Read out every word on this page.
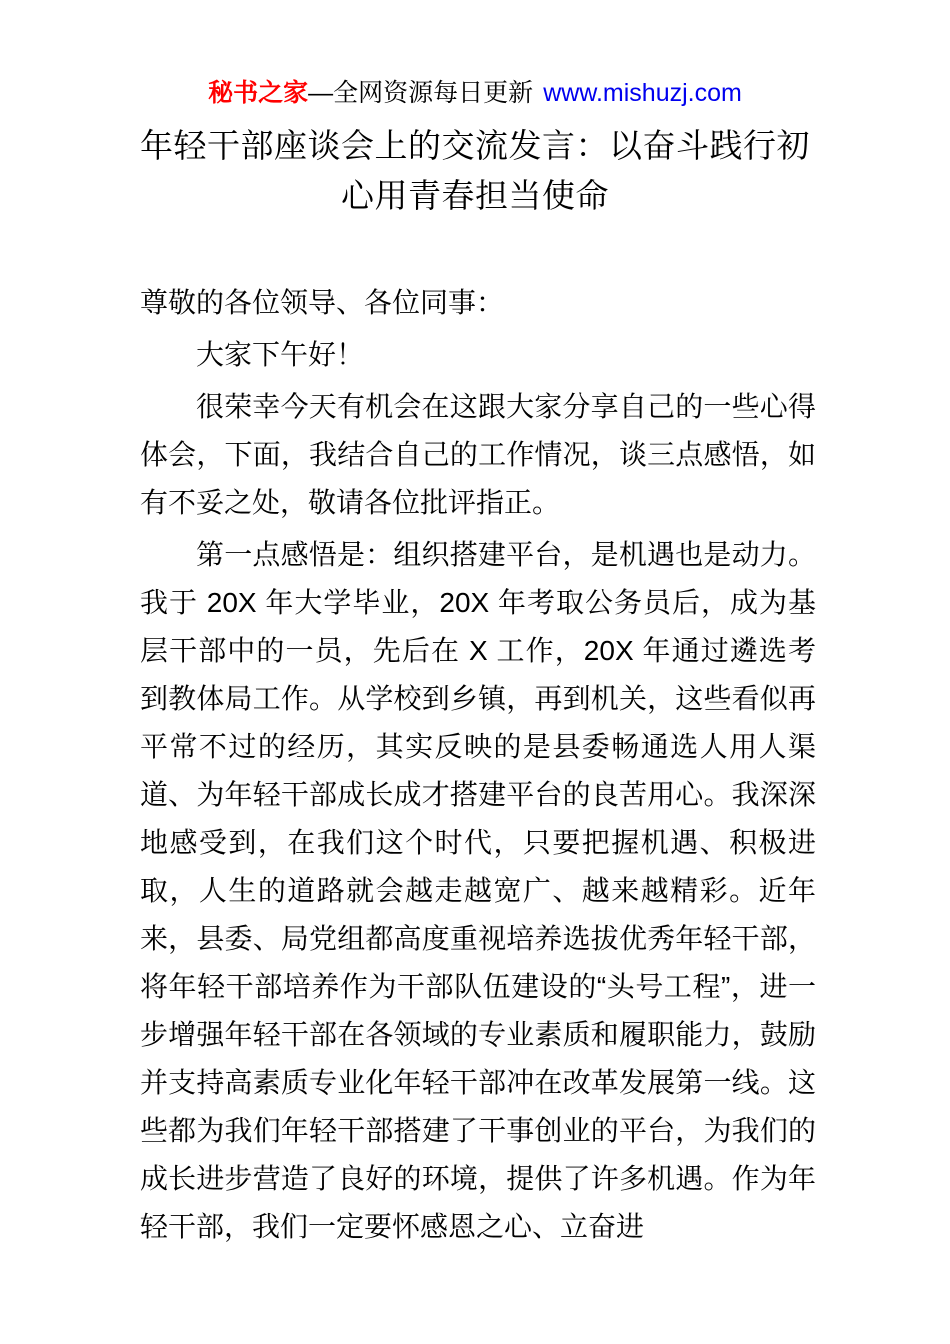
秘书之家—全网资源每日更新 www.mishuzj.com
年轻干部座谈会上的交流发言：以奋斗践行初心用青春担当使命

尊敬的各位领导、各位同事：

大家下午好！

很荣幸今天有机会在这跟大家分享自己的一些心得体会，下面，我结合自己的工作情况，谈三点感悟，如有不妥之处，敬请各位批评指正。

第一点感悟是：组织搭建平台，是机遇也是动力。我于 20X 年大学毕业，20X 年考取公务员后，成为基层干部中的一员，先后在 X 工作，20X 年通过遴选考到教体局工作。从学校到乡镇，再到机关，这些看似再平常不过的经历，其实反映的是县委畅通选人用人渠道、为年轻干部成长成才搭建平台的良苦用心。我深深地感受到，在我们这个时代，只要把握机遇、积极进取，人生的道路就会越走越宽广、越来越精彩。近年来，县委、局党组都高度重视培养选拔优秀年轻干部，将年轻干部培养作为干部队伍建设的“头号工程”，进一步增强年轻干部在各领域的专业素质和履职能力，鼓励并支持高素质专业化年轻干部冲在改革发展第一线。这些都为我们年轻干部搭建了干事创业的平台，为我们的成长进步营造了良好的环境，提供了许多机遇。作为年轻干部，我们一定要怀感恩之心、立奋进
